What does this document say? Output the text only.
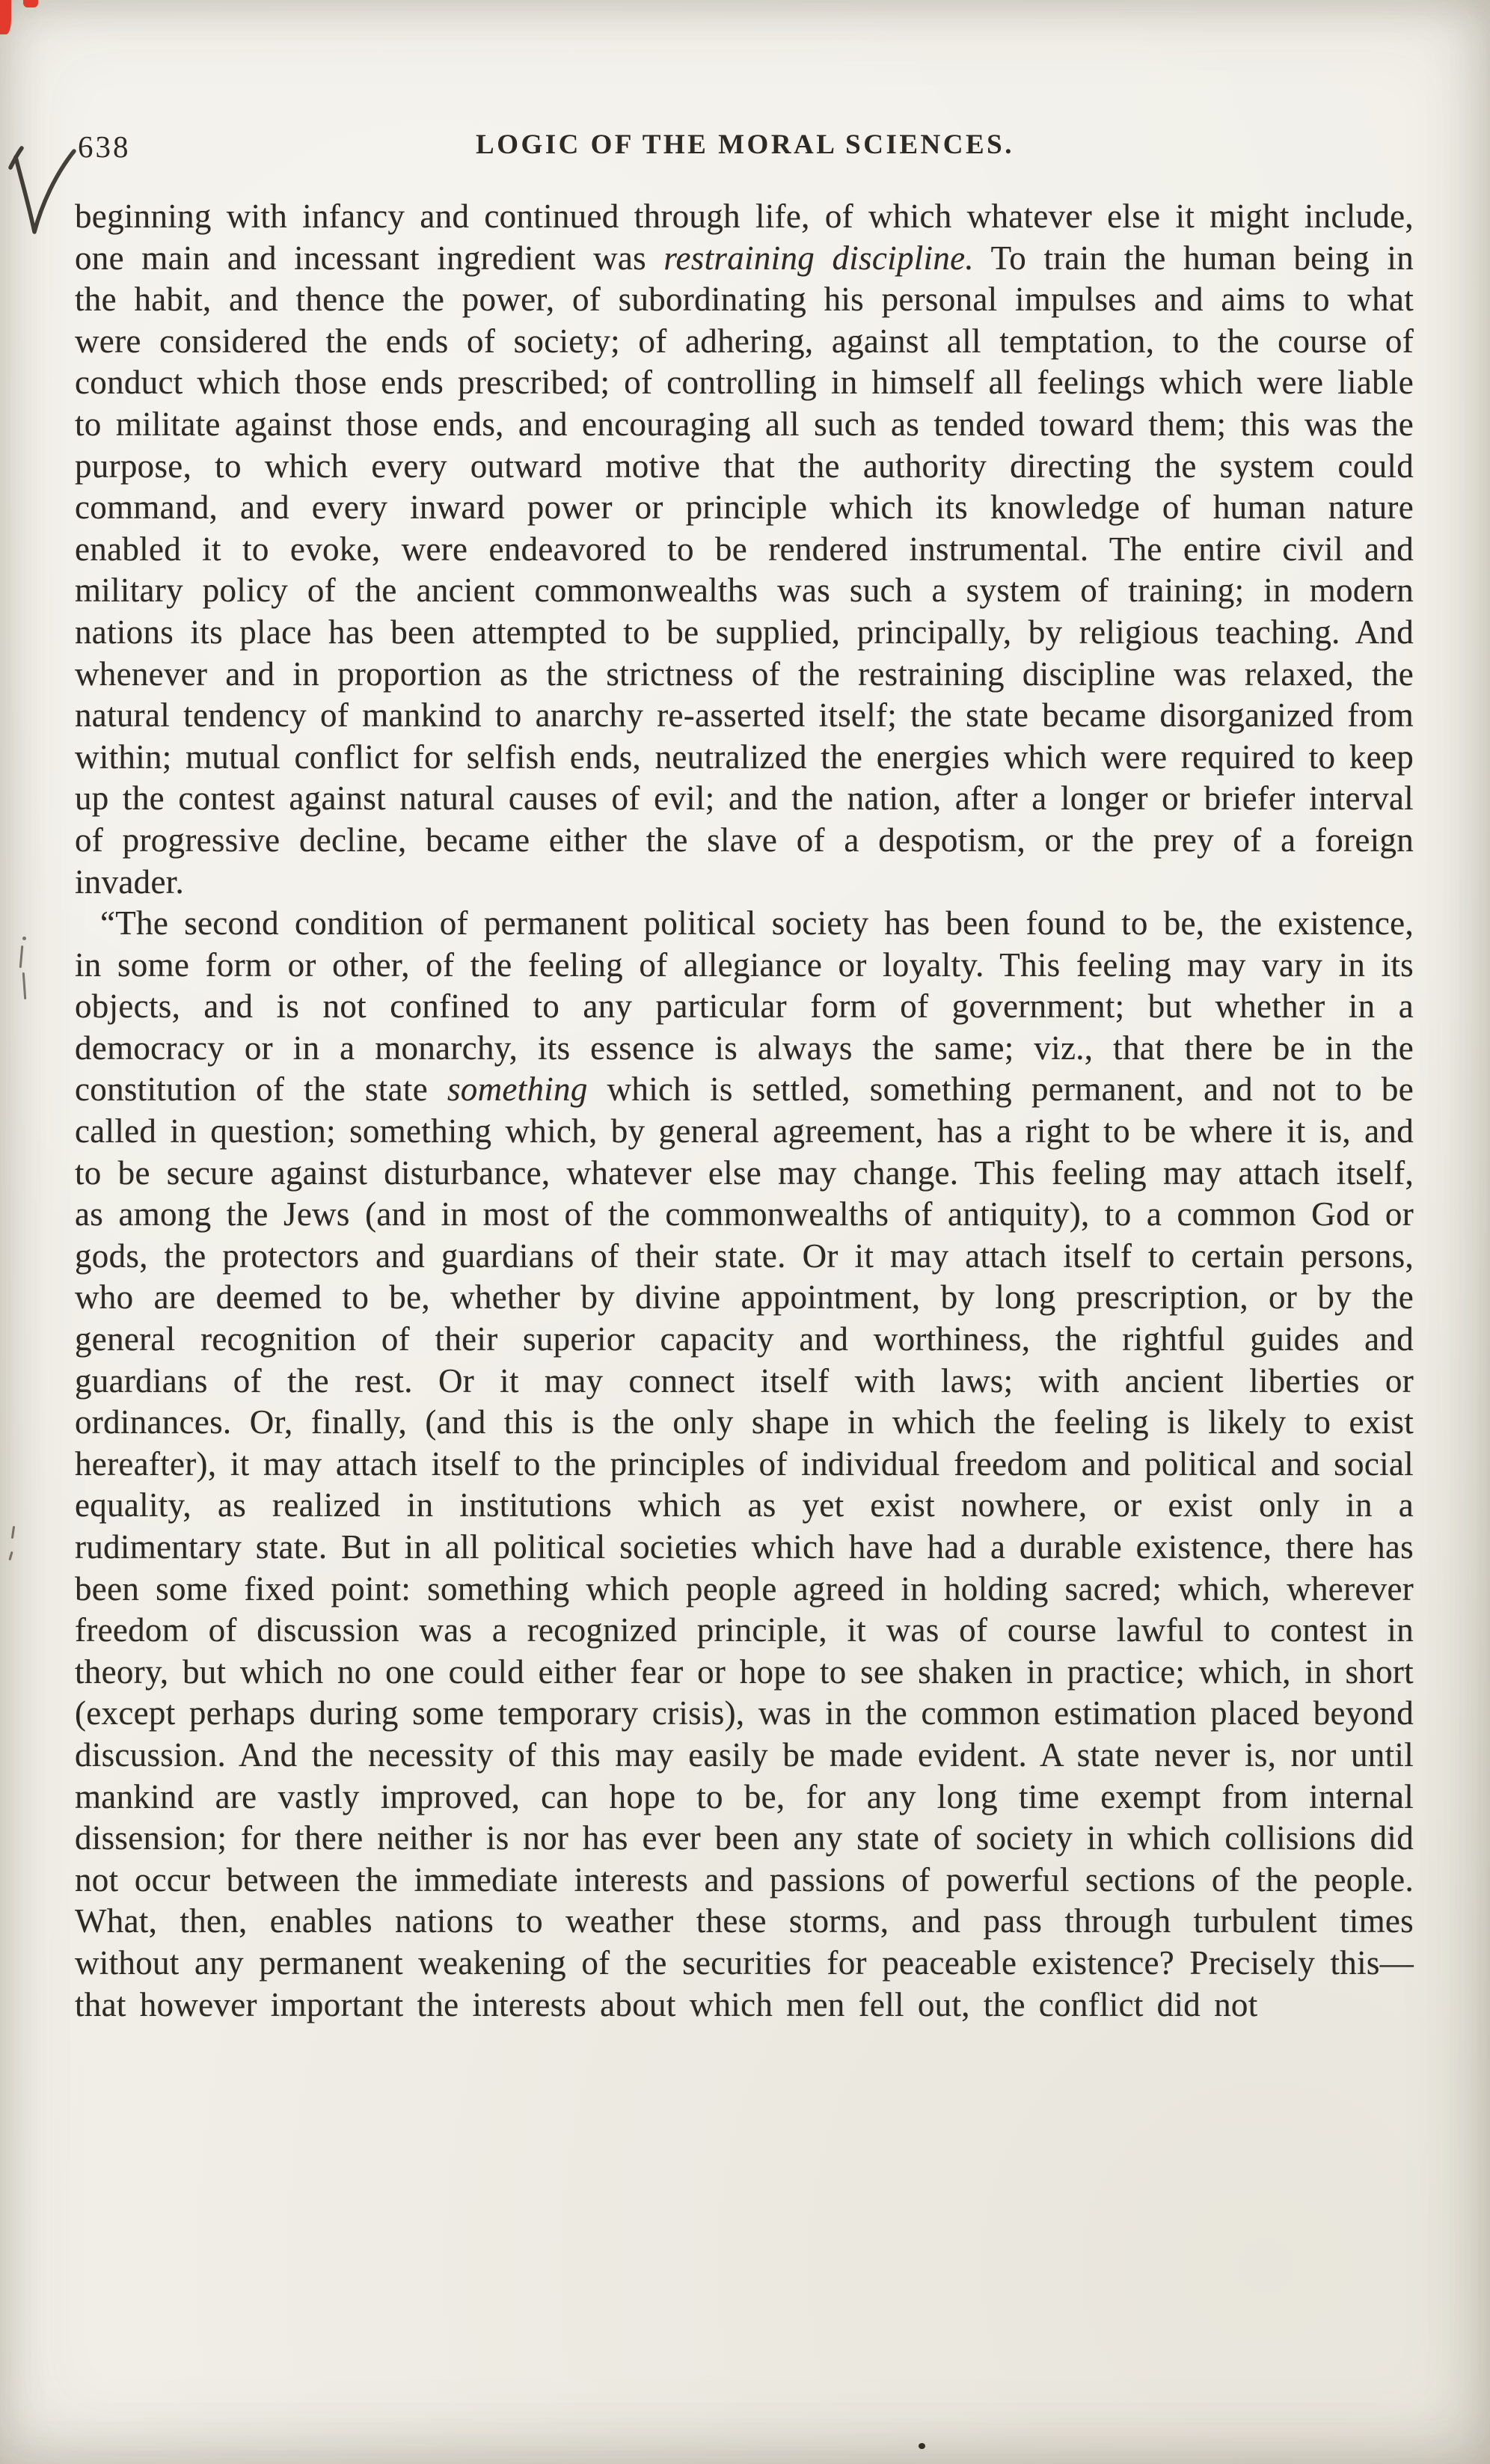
638	LOGIC OF THE MORAL SCIENCES.

beginning with infancy and continued through life, of which whatever else it might include, one main and incessant ingredient was restraining discipline. To train the human being in the habit, and thence the power, of subordinating his personal impulses and aims to what were considered the ends of society; of adhering, against all temptation, to the course of conduct which those ends prescribed; of controlling in himself all feelings which were liable to militate against those ends, and encouraging all such as tended toward them; this was the purpose, to which every outward motive that the authority directing the system could command, and every inward power or principle which its knowledge of human nature enabled it to evoke, were endeavored to be rendered instrumental. The entire civil and military policy of the ancient commonwealths was such a system of training; in modern nations its place has been attempted to be supplied, principally, by religious teaching. And whenever and in proportion as the strictness of the restraining discipline was relaxed, the natural tendency of mankind to anarchy re-asserted itself; the state became disorganized from within; mutual conflict for selfish ends, neutralized the energies which were required to keep up the contest against natural causes of evil; and the nation, after a longer or briefer interval of progressive decline, became either the slave of a despotism, or the prey of a foreign invader.

“The second condition of permanent political society has been found to be, the existence, in some form or other, of the feeling of allegiance or loyalty. This feeling may vary in its objects, and is not confined to any particular form of government; but whether in a democracy or in a monarchy, its essence is always the same; viz., that there be in the constitution of the state something which is settled, something permanent, and not to be called in question; something which, by general agreement, has a right to be where it is, and to be secure against disturbance, whatever else may change. This feeling may attach itself, as among the Jews (and in most of the commonwealths of antiquity), to a common God or gods, the protectors and guardians of their state. Or it may attach itself to certain persons, who are deemed to be, whether by divine appointment, by long prescription, or by the general recognition of their superior capacity and worthiness, the rightful guides and guardians of the rest. Or it may connect itself with laws; with ancient liberties or ordinances. Or, finally, (and this is the only shape in which the feeling is likely to exist hereafter), it may attach itself to the principles of individual freedom and political and social equality, as realized in institutions which as yet exist nowhere, or exist only in a rudimentary state. But in all political societies which have had a durable existence, there has been some fixed point: something which people agreed in holding sacred; which, wherever freedom of discussion was a recognized principle, it was of course lawful to contest in theory, but which no one could either fear or hope to see shaken in practice; which, in short (except perhaps during some temporary crisis), was in the common estimation placed beyond discussion. And the necessity of this may easily be made evident. A state never is, nor until mankind are vastly improved, can hope to be, for any long time exempt from internal dissension; for there neither is nor has ever been any state of society in which collisions did not occur between the immediate interests and passions of powerful sections of the people. What, then, enables nations to weather these storms, and pass through turbulent times without any permanent weakening of the securities for peaceable existence? Precisely this—that however important the interests about which men fell out, the conflict did not
